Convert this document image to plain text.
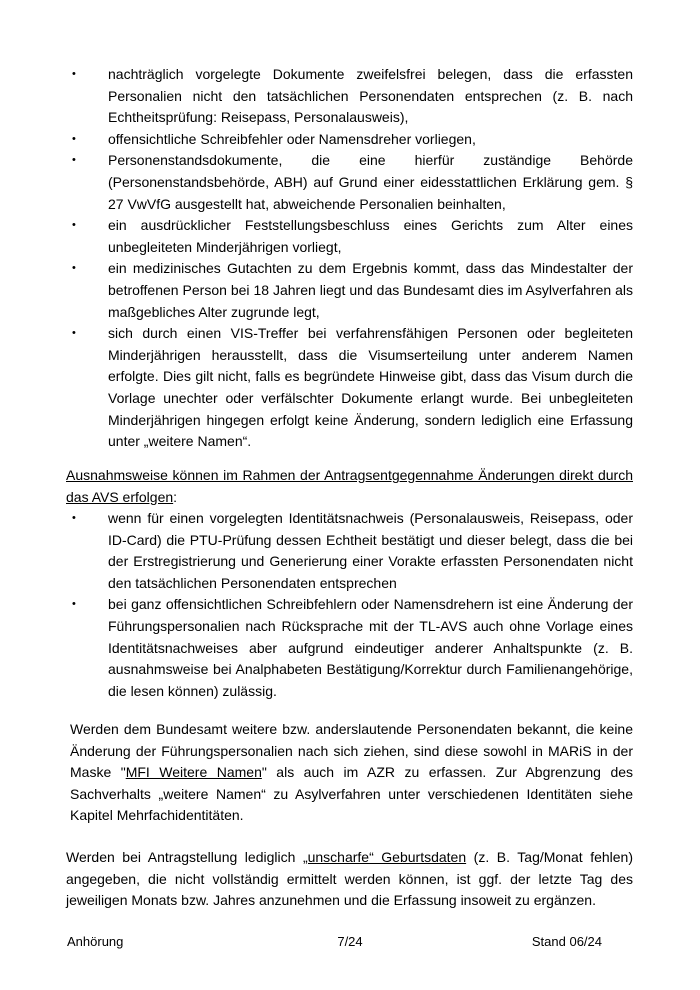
• nachträglich vorgelegte Dokumente zweifelsfrei belegen, dass die erfassten Personalien nicht den tatsächlichen Personendaten entsprechen (z. B. nach Echtheitsprüfung: Reisepass, Personalausweis),
• offensichtliche Schreibfehler oder Namensdreher vorliegen,
• Personenstandsdokumente, die eine hierfür zuständige Behörde (Personenstandsbehörde, ABH) auf Grund einer eidesstattlichen Erklärung gem. § 27 VwVfG ausgestellt hat, abweichende Personalien beinhalten,
• ein ausdrücklicher Feststellungsbeschluss eines Gerichts zum Alter eines unbegleiteten Minderjährigen vorliegt,
• ein medizinisches Gutachten zu dem Ergebnis kommt, dass das Mindestalter der betroffenen Person bei 18 Jahren liegt und das Bundesamt dies im Asylverfahren als maßgebliches Alter zugrunde legt,
• sich durch einen VIS-Treffer bei verfahrensfähigen Personen oder begleiteten Minderjährigen herausstellt, dass die Visumserteilung unter anderem Namen erfolgte. Dies gilt nicht, falls es begründete Hinweise gibt, dass das Visum durch die Vorlage unechter oder verfälschter Dokumente erlangt wurde. Bei unbegleiteten Minderjährigen hingegen erfolgt keine Änderung, sondern lediglich eine Erfassung unter „weitere Namen“.

Ausnahmsweise können im Rahmen der Antragsentgegennahme Änderungen direkt durch das AVS erfolgen:

• wenn für einen vorgelegten Identitätsnachweis (Personalausweis, Reisepass, oder ID-Card) die PTU-Prüfung dessen Echtheit bestätigt und dieser belegt, dass die bei der Erstregistrierung und Generierung einer Vorakte erfassten Personendaten nicht den tatsächlichen Personendaten entsprechen
• bei ganz offensichtlichen Schreibfehlern oder Namensdrehern ist eine Änderung der Führungspersonalien nach Rücksprache mit der TL-AVS auch ohne Vorlage eines Identitätsnachweises aber aufgrund eindeutiger anderer Anhaltspunkte (z. B. ausnahmsweise bei Analphabeten Bestätigung/Korrektur durch Familienangehörige, die lesen können) zulässig.

Werden dem Bundesamt weitere bzw. anderslautende Personendaten bekannt, die keine Änderung der Führungspersonalien nach sich ziehen, sind diese sowohl in MARiS in der Maske "MFI Weitere Namen" als auch im AZR zu erfassen. Zur Abgrenzung des Sachverhalts „weitere Namen“ zu Asylverfahren unter verschiedenen Identitäten siehe Kapitel Mehrfachidentitäten.

Werden bei Antragstellung lediglich „unscharfe“ Geburtsdaten (z. B. Tag/Monat fehlen) angegeben, die nicht vollständig ermittelt werden können, ist ggf. der letzte Tag des jeweiligen Monats bzw. Jahres anzunehmen und die Erfassung insoweit zu ergänzen.

Anhörung	7/24	Stand 06/24
